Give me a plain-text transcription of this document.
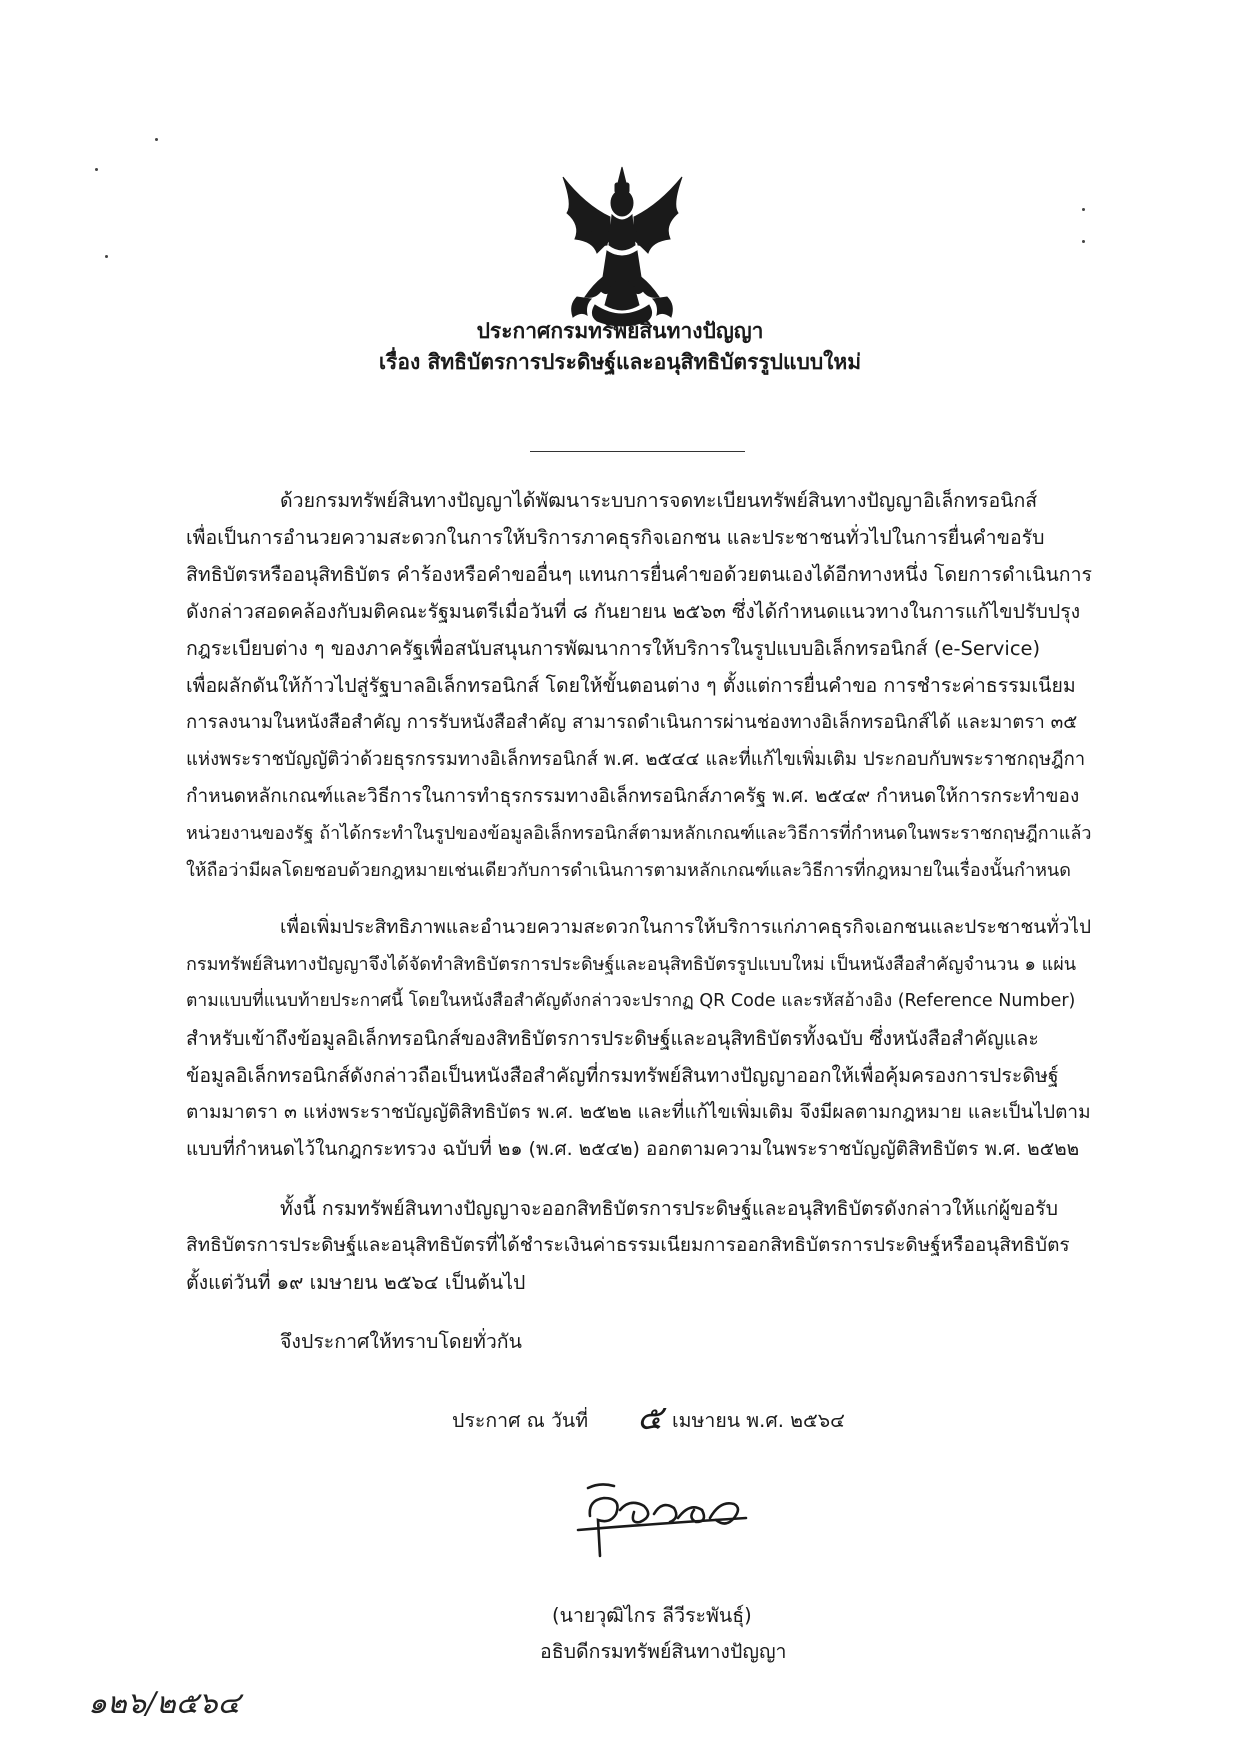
ประกาศกรมทรัพย์สินทางปัญญา
เรื่อง สิทธิบัตรการประดิษฐ์และอนุสิทธิบัตรรูปแบบใหม่
ด้วยกรมทรัพย์สินทางปัญญาได้พัฒนาระบบการจดทะเบียนทรัพย์สินทางปัญญาอิเล็กทรอนิกส์
เพื่อเป็นการอำนวยความสะดวกในการให้บริการภาคธุรกิจเอกชน และประชาชนทั่วไปในการยื่นคำขอรับ
สิทธิบัตรหรืออนุสิทธิบัตร คำร้องหรือคำขออื่นๆ แทนการยื่นคำขอด้วยตนเองได้อีกทางหนึ่ง โดยการดำเนินการ
ดังกล่าวสอดคล้องกับมติคณะรัฐมนตรีเมื่อวันที่ ๘ กันยายน ๒๕๖๓ ซึ่งได้กำหนดแนวทางในการแก้ไขปรับปรุง
กฎระเบียบต่าง ๆ ของภาครัฐเพื่อสนับสนุนการพัฒนาการให้บริการในรูปแบบอิเล็กทรอนิกส์ (e-Service)
เพื่อผลักดันให้ก้าวไปสู่รัฐบาลอิเล็กทรอนิกส์ โดยให้ขั้นตอนต่าง ๆ ตั้งแต่การยื่นคำขอ การชำระค่าธรรมเนียม
การลงนามในหนังสือสำคัญ การรับหนังสือสำคัญ สามารถดำเนินการผ่านช่องทางอิเล็กทรอนิกส์ได้ และมาตรา ๓๕
แห่งพระราชบัญญัติว่าด้วยธุรกรรมทางอิเล็กทรอนิกส์ พ.ศ. ๒๕๔๔ และที่แก้ไขเพิ่มเติม ประกอบกับพระราชกฤษฎีกา
กำหนดหลักเกณฑ์และวิธีการในการทำธุรกรรมทางอิเล็กทรอนิกส์ภาครัฐ พ.ศ. ๒๕๔๙ กำหนดให้การกระทำของ
หน่วยงานของรัฐ ถ้าได้กระทำในรูปของข้อมูลอิเล็กทรอนิกส์ตามหลักเกณฑ์และวิธีการที่กำหนดในพระราชกฤษฎีกาแล้ว
ให้ถือว่ามีผลโดยชอบด้วยกฎหมายเช่นเดียวกับการดำเนินการตามหลักเกณฑ์และวิธีการที่กฎหมายในเรื่องนั้นกำหนด
เพื่อเพิ่มประสิทธิภาพและอำนวยความสะดวกในการให้บริการแก่ภาคธุรกิจเอกชนและประชาชนทั่วไป
กรมทรัพย์สินทางปัญญาจึงได้จัดทำสิทธิบัตรการประดิษฐ์และอนุสิทธิบัตรรูปแบบใหม่ เป็นหนังสือสำคัญจำนวน ๑ แผ่น
ตามแบบที่แนบท้ายประกาศนี้ โดยในหนังสือสำคัญดังกล่าวจะปรากฏ QR Code และรหัสอ้างอิง (Reference Number)
สำหรับเข้าถึงข้อมูลอิเล็กทรอนิกส์ของสิทธิบัตรการประดิษฐ์และอนุสิทธิบัตรทั้งฉบับ ซึ่งหนังสือสำคัญและ
ข้อมูลอิเล็กทรอนิกส์ดังกล่าวถือเป็นหนังสือสำคัญที่กรมทรัพย์สินทางปัญญาออกให้เพื่อคุ้มครองการประดิษฐ์
ตามมาตรา ๓ แห่งพระราชบัญญัติสิทธิบัตร พ.ศ. ๒๕๒๒ และที่แก้ไขเพิ่มเติม จึงมีผลตามกฎหมาย และเป็นไปตาม
แบบที่กำหนดไว้ในกฎกระทรวง ฉบับที่ ๒๑ (พ.ศ. ๒๕๔๒) ออกตามความในพระราชบัญญัติสิทธิบัตร พ.ศ. ๒๕๒๒
ทั้งนี้ กรมทรัพย์สินทางปัญญาจะออกสิทธิบัตรการประดิษฐ์และอนุสิทธิบัตรดังกล่าวให้แก่ผู้ขอรับ
สิทธิบัตรการประดิษฐ์และอนุสิทธิบัตรที่ได้ชำระเงินค่าธรรมเนียมการออกสิทธิบัตรการประดิษฐ์หรืออนุสิทธิบัตร
ตั้งแต่วันที่ ๑๙ เมษายน ๒๕๖๔ เป็นต้นไป
จึงประกาศให้ทราบโดยทั่วกัน
ประกาศ ณ วันที่ ๕ เมษายน พ.ศ. ๒๕๖๔
(นายวุฒิไกร ลีวีระพันธุ์)
อธิบดีกรมทรัพย์สินทางปัญญา
๑๒๖/๒๕๖๔
